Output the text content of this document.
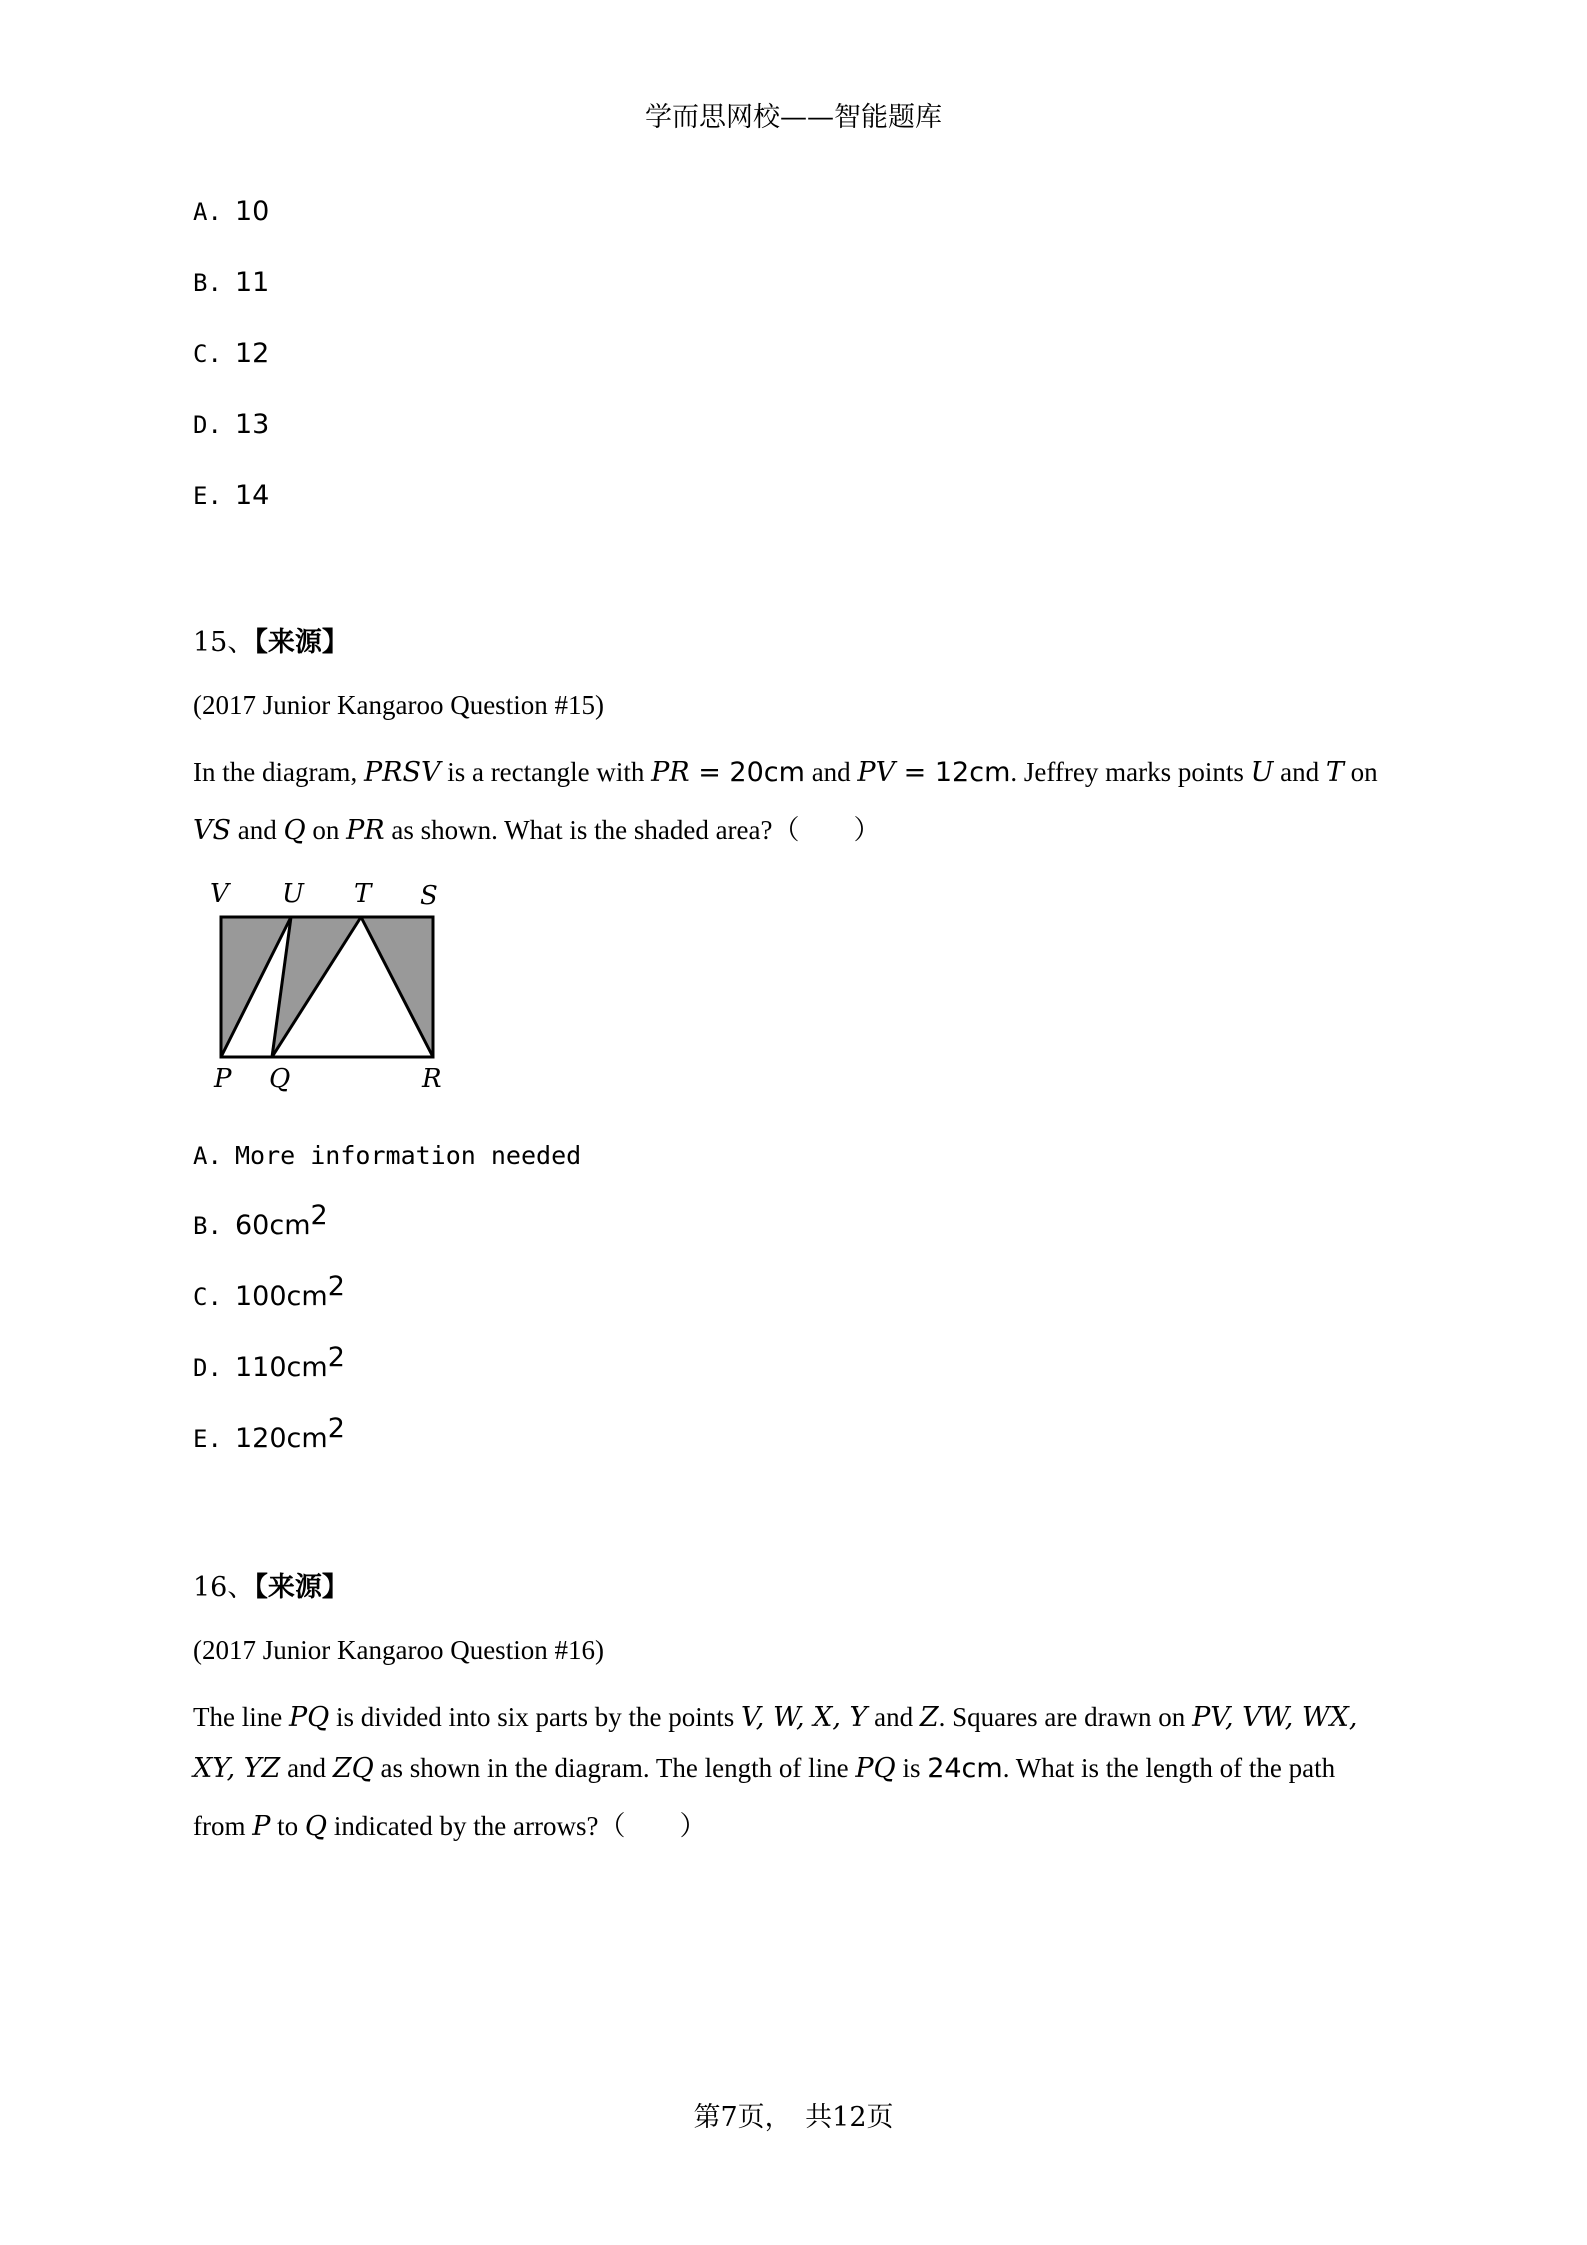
学而思网校——智能题库
A. 10
B. 11
C. 12
D. 13
E. 14
15、【来源】
(2017 Junior Kangaroo Question #15)
In the diagram, PRSV is a rectangle with PR = 20cm and PV = 12cm. Jeffrey marks points U and T on
VS and Q on PR as shown. What is the shaded area?（　　）
V U T S
P Q	R
A. More information needed
B. $60cm^2$
C. $100cm^2$
D. $110cm^2$
E. $120cm^2$
16、【来源】
(2017 Junior Kangaroo Question #16)
The line PQ is divided into six parts by the points V, W, X, Y and Z. Squares are drawn on PV, VW, WX,
XY, YZ and ZQ as shown in the diagram. The length of line PQ is 24cm. What is the length of the path
from P to Q indicated by the arrows?（　　）
第7页，　共12页
